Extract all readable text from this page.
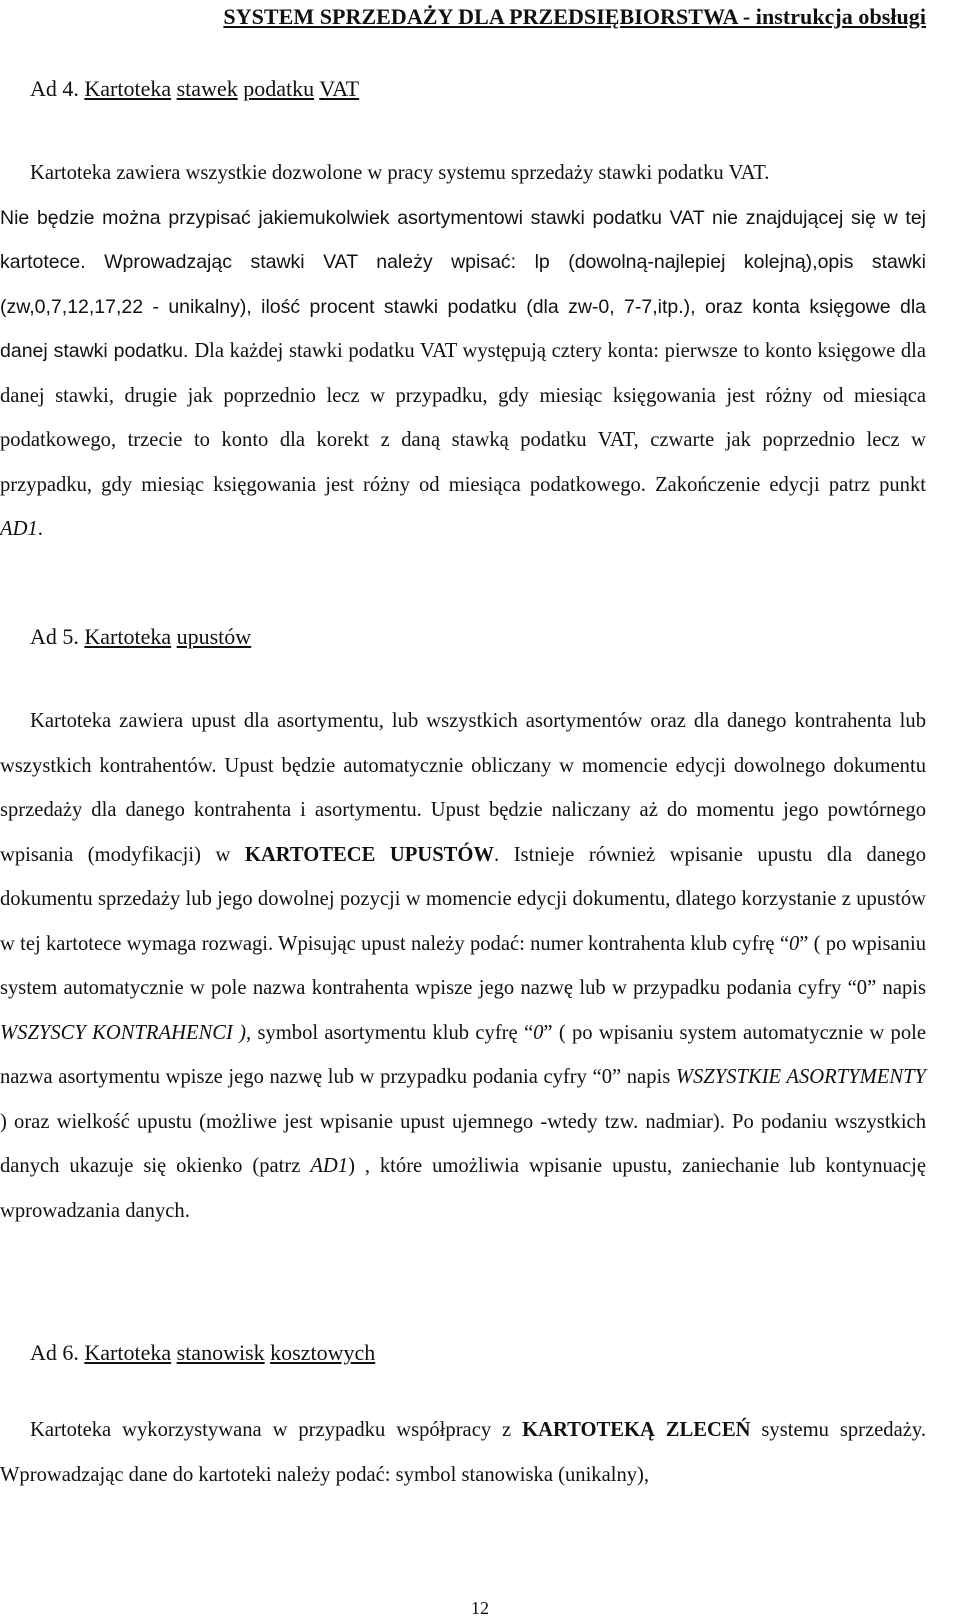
SYSTEM SPRZEDAŻY DLA PRZEDSIĘBIORSTWA - instrukcja obsługi
Ad 4. Kartoteka stawek podatku VAT

Kartoteka zawiera wszystkie dozwolone w pracy systemu sprzedaży stawki podatku VAT.

Nie będzie można przypisać jakiemukolwiek asortymentowi stawki podatku VAT nie znajdującej się w tej kartotece. Wprowadzając stawki VAT należy wpisać: lp (dowolną-najlepiej kolejną),opis stawki (zw,0,7,12,17,22 - unikalny), ilość procent stawki podatku (dla zw-0, 7-7,itp.), oraz konta księgowe dla danej stawki podatku. Dla każdej stawki podatku VAT występują cztery konta: pierwsze to konto księgowe dla danej stawki, drugie jak poprzednio lecz w przypadku, gdy miesiąc księgowania jest różny od miesiąca podatkowego, trzecie to konto dla korekt z daną stawką podatku VAT, czwarte jak poprzednio lecz w przypadku, gdy miesiąc księgowania jest różny od miesiąca podatkowego. Zakończenie edycji patrz punkt AD1.

Ad 5. Kartoteka upustów

Kartoteka zawiera upust dla asortymentu, lub wszystkich asortymentów oraz dla danego kontrahenta lub wszystkich kontrahentów. Upust będzie automatycznie obliczany w momencie edycji dowolnego dokumentu sprzedaży dla danego kontrahenta i asortymentu. Upust będzie naliczany aż do momentu jego powtórnego wpisania (modyfikacji) w KARTOTECE UPUSTÓW. Istnieje również wpisanie upustu dla danego dokumentu sprzedaży lub jego dowolnej pozycji w momencie edycji dokumentu, dlatego korzystanie z upustów w tej kartotece wymaga rozwagi. Wpisując upust należy podać: numer kontrahenta klub cyfrę “0” ( po wpisaniu system automatycznie w pole nazwa kontrahenta wpisze jego nazwę lub w przypadku podania cyfry “0” napis WSZYSCY KONTRAHENCI ), symbol asortymentu klub cyfrę “0” ( po wpisaniu system automatycznie w pole nazwa asortymentu wpisze jego nazwę lub w przypadku podania cyfry “0” napis WSZYSTKIE ASORTYMENTY ) oraz wielkość upustu (możliwe jest wpisanie upust ujemnego -wtedy tzw. nadmiar). Po podaniu wszystkich danych ukazuje się okienko (patrz AD1) , które umożliwia wpisanie upustu, zaniechanie lub kontynuację wprowadzania danych.

Ad 6. Kartoteka stanowisk kosztowych

Kartoteka wykorzystywana w przypadku współpracy z KARTOTEKĄ ZLECEŃ systemu sprzedaży. Wprowadzając dane do kartoteki należy podać: symbol stanowiska (unikalny),

12
